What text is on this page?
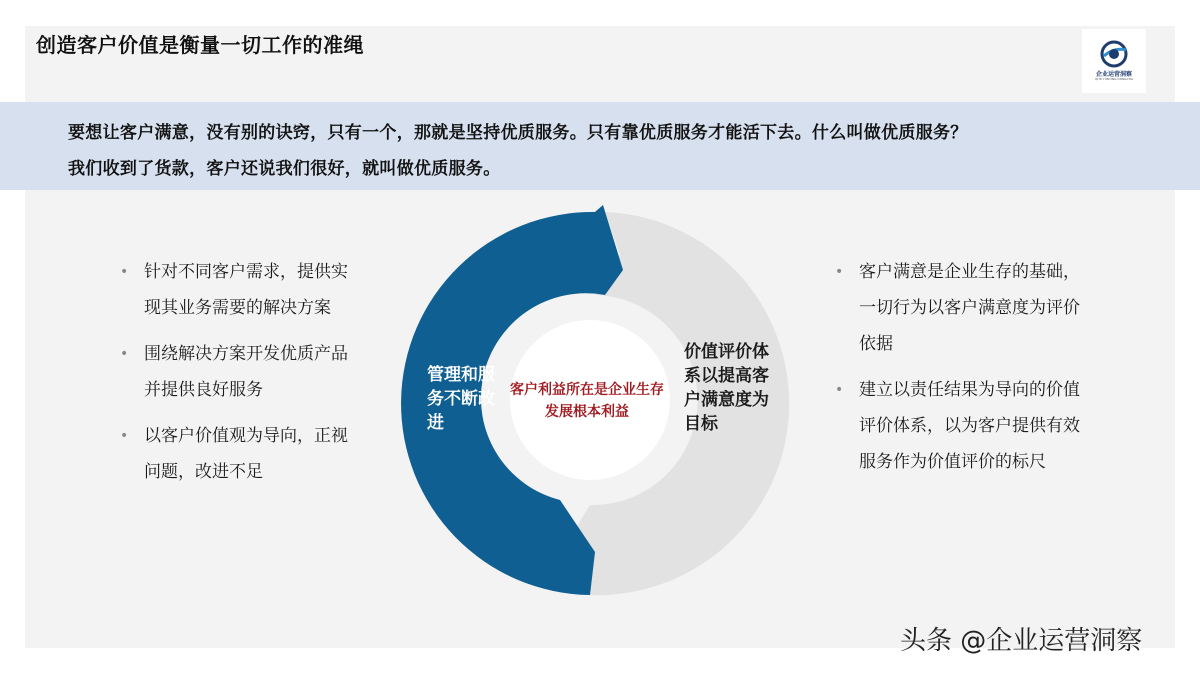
创造客户价值是衡量一切工作的准绳
企业运营洞察
QIYE YUNYING DONGCHA
要想让客户满意，没有别的诀窍，只有一个，那就是坚持优质服务。只有靠优质服务才能活下去。什么叫做优质服务？
我们收到了货款，客户还说我们很好，就叫做优质服务。
• 针对不同客户需求，提供实现其业务需要的解决方案
• 围绕解决方案开发优质产品并提供良好服务
• 以客户价值观为导向，正视问题，改进不足
• 客户满意是企业生存的基础，一切行为以客户满意度为评价依据
• 建立以责任结果为导向的价值评价体系，以为客户提供有效服务作为价值评价的标尺
管理和服务不断改进
价值评价体系以提高客户满意度为目标
客户利益所在是企业生存发展根本利益
头条 @企业运营洞察
